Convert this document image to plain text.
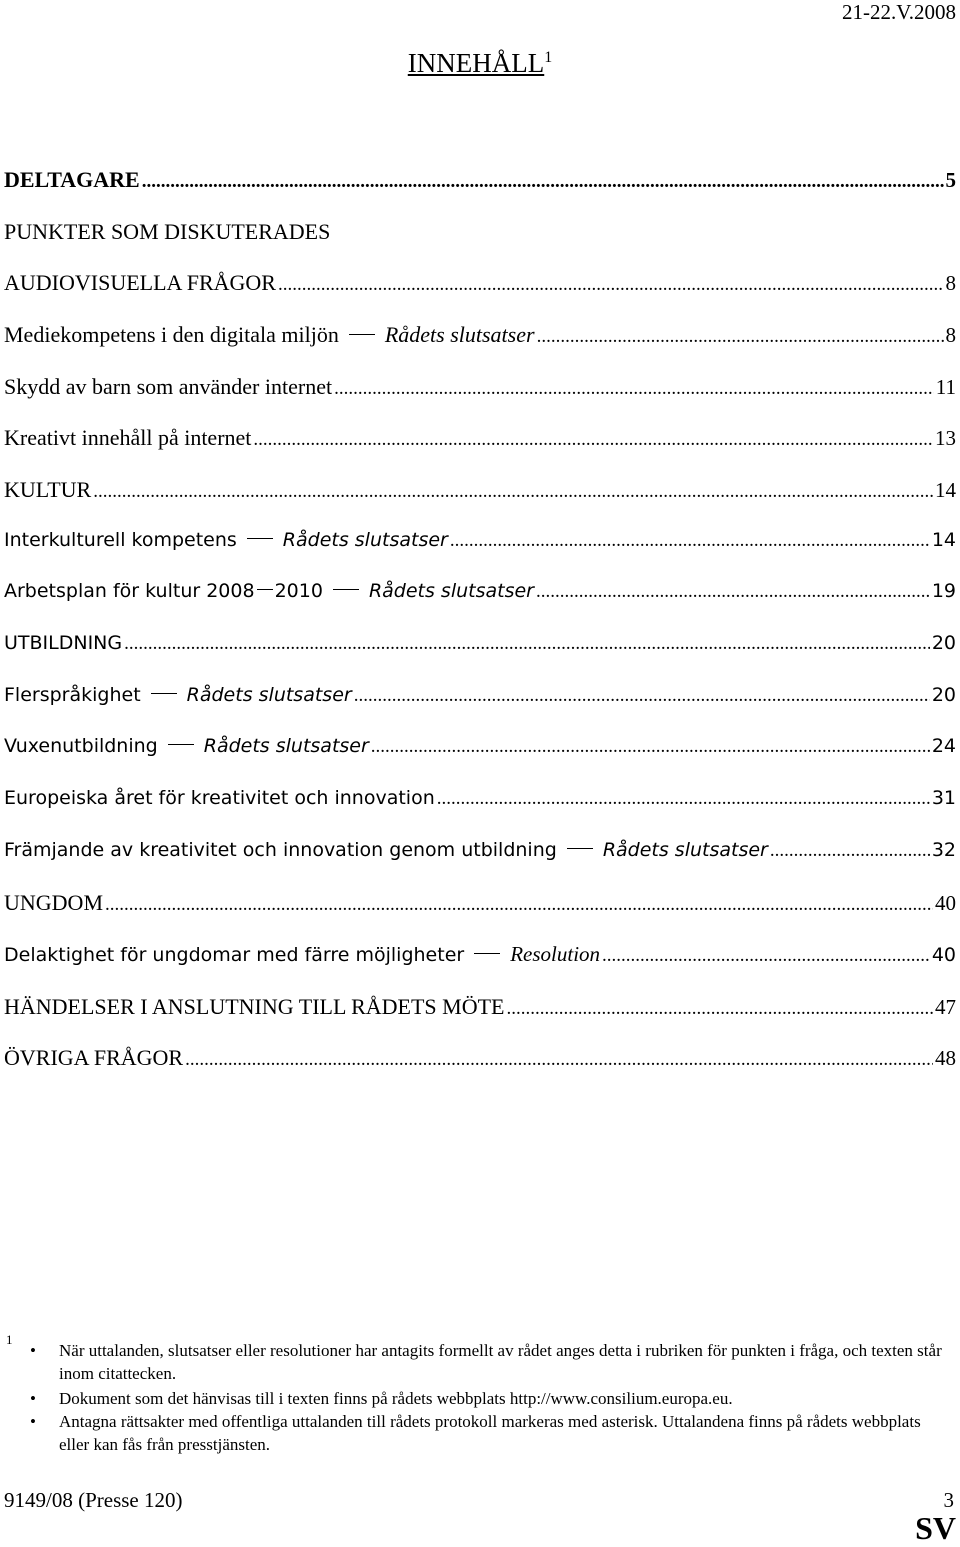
21-22.V.2008
INNEHÅLL$^1$
DELTAGARE .....	5
PUNKTER SOM DISKUTERADES
AUDIOVISUELLA FRÅGOR .....	8
Mediekompetens i den digitala miljön Rådets slutsatser .....	8
Skydd av barn som använder internet .....	11
Kreativt innehåll på internet .....	13
KULTUR .....	14
Interkulturell kompetens Rådets slutsatser .....	14
Arbetsplan för kultur 2008 2010 Rådets slutsatser .....	19
UTBILDNING .....	20
Flerspråkighet Rådets slutsatser .....	20
Vuxenutbildning Rådets slutsatser .....	24
Europeiska året för kreativitet och innovation .....	31
Främjande av kreativitet och innovation genom utbildning Rådets slutsatser .....	32
UNGDOM .....	40
Delaktighet för ungdomar med färre möjligheter Resolution .....	40
HÄNDELSER I ANSLUTNING TILL RÅDETS MÖTE .....	47
ÖVRIGA FRÅGOR .....	48
1
• När uttalanden, slutsatser eller resolutioner har antagits formellt av rådet anges detta i rubriken för punkten i fråga, och texten står inom citattecken.
• Dokument som det hänvisas till i texten finns på rådets webbplats http://www.consilium.europa.eu.
• Antagna rättsakter med offentliga uttalanden till rådets protokoll markeras med asterisk. Uttalandena finns på rådets webbplats eller kan fås från presstjänsten.
9149/08 (Presse 120)	3
SV
